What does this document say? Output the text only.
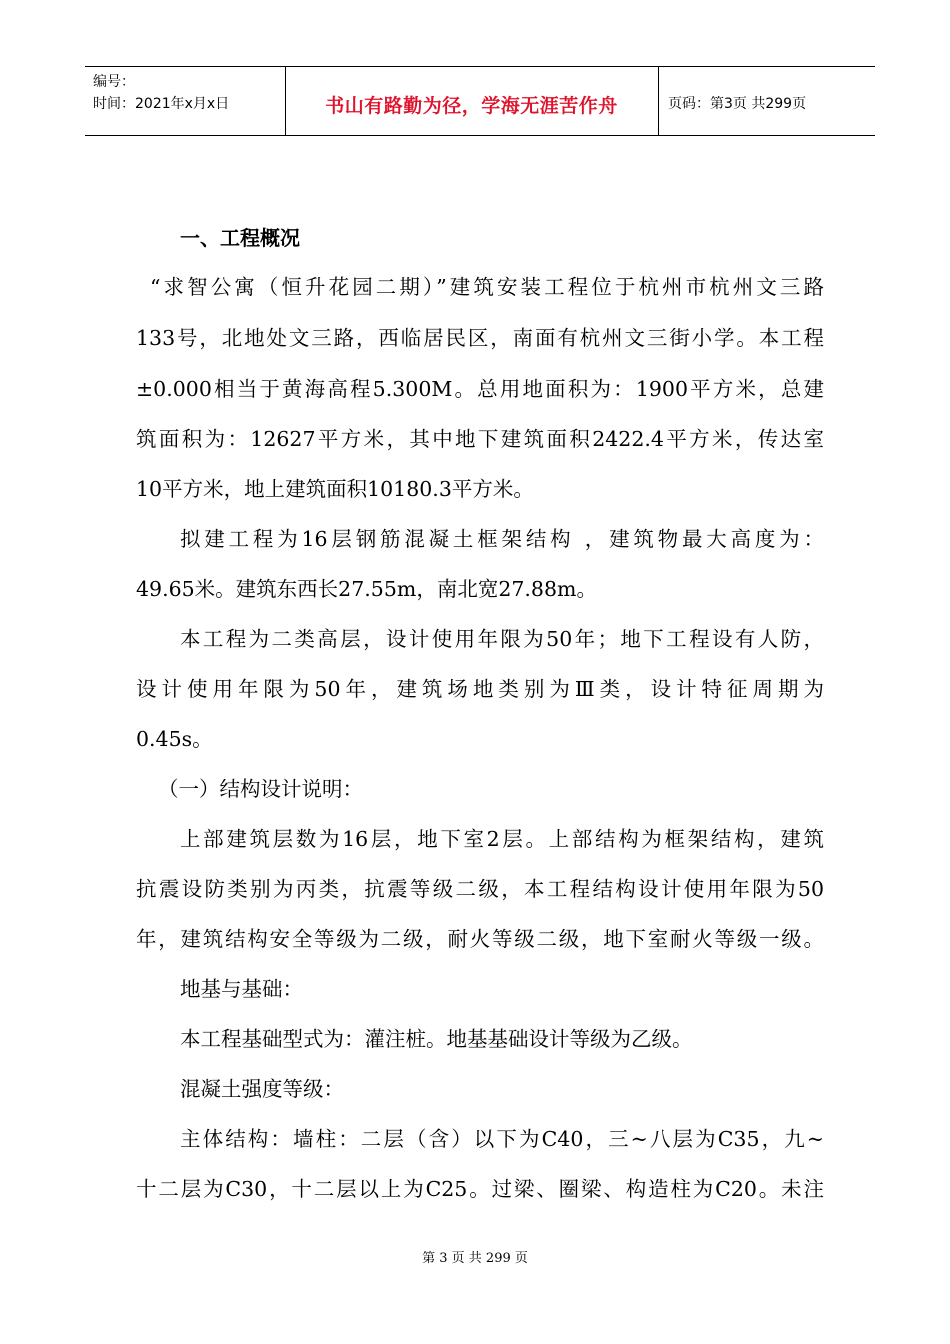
编号：
时间：2021年x月x日	书山有路勤为径，学海无涯苦作舟	页码：第3页 共299页
一、工程概况
“求智公寓（恒升花园二期）”建筑安装工程位于杭州市杭州文三路
133号，北地处文三路，西临居民区，南面有杭州文三街小学。本工程
±0.000相当于黄海高程5.300M。总用地面积为：1900平方米，总建
筑面积为：12627平方米，其中地下建筑面积2422.4平方米，传达室
10平方米，地上建筑面积10180.3平方米。
拟建工程为16层钢筋混凝土框架结构 ，建筑物最大高度为：
49.65米。建筑东西长27.55m，南北宽27.88m。
本工程为二类高层，设计使用年限为50年；地下工程设有人防，
设计使用年限为50年，建筑场地类别为Ⅲ类，设计特征周期为
0.45s。
（一）结构设计说明：
上部建筑层数为16层，地下室2层。上部结构为框架结构，建筑
抗震设防类别为丙类，抗震等级二级，本工程结构设计使用年限为50
年，建筑结构安全等级为二级，耐火等级二级，地下室耐火等级一级。
地基与基础：
本工程基础型式为：灌注桩。地基基础设计等级为乙级。
混凝土强度等级：
主体结构：墙柱：二层（含）以下为C40，三~八层为C35，九~
十二层为C30，十二层以上为C25。过梁、圈梁、构造柱为C20。未注
第 3 页 共 299 页
